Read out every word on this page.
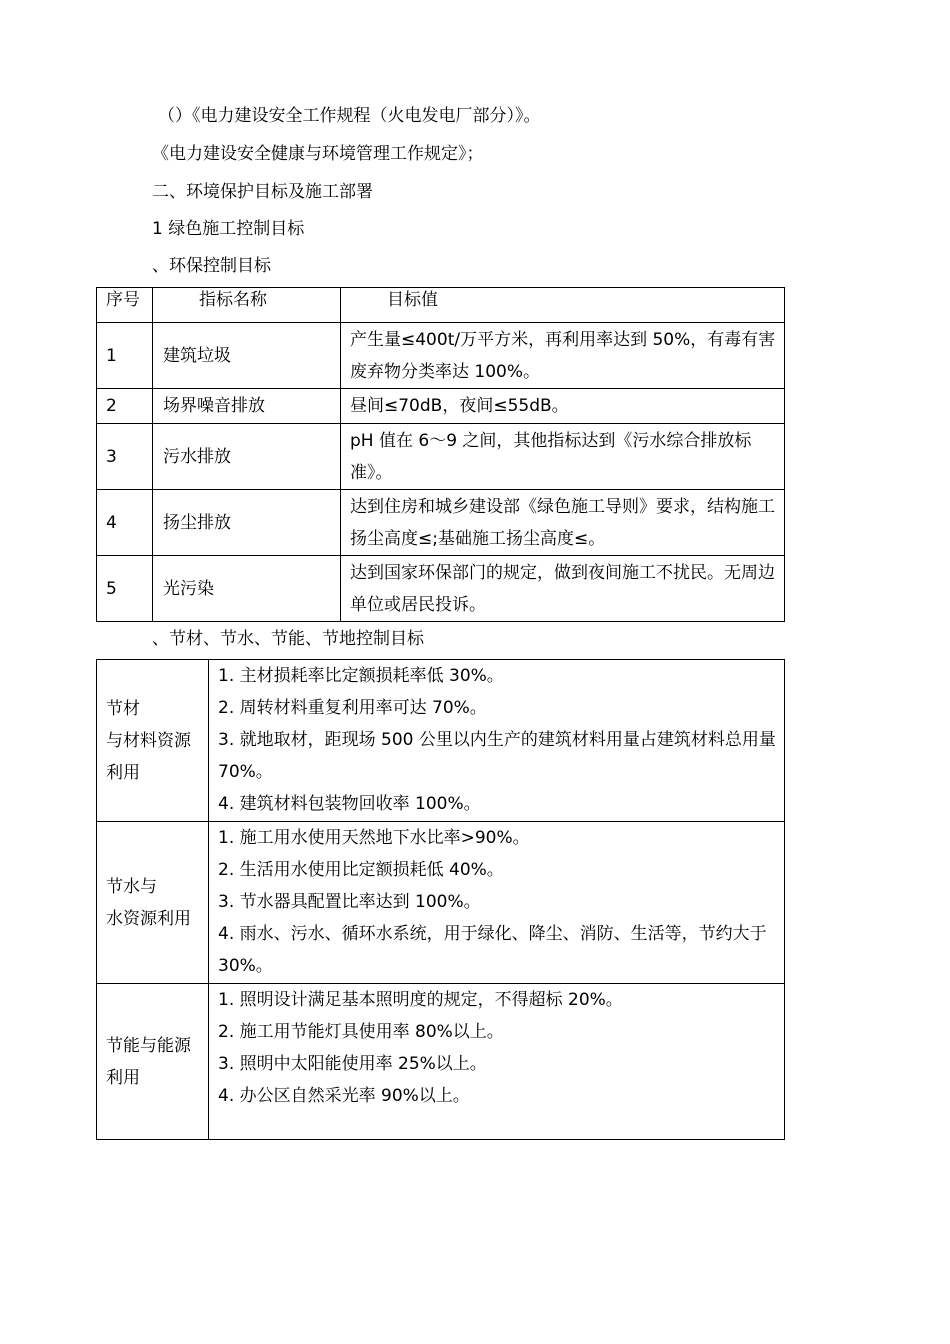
（）《电力建设安全工作规程（火电发电厂部分）》。
《电力建设安全健康与环境管理工作规定》；
二、环境保护目标及施工部署
1 绿色施工控制目标
、环保控制目标
序号	指标名称	目标值
1	建筑垃圾	产生量≤400t/万平方米，再利用率达到 50%，有毒有害废弃物分类率达 100%。
2	场界噪音排放	昼间≤70dB，夜间≤55dB。
3	污水排放	pH 值在 6～9 之间，其他指标达到《污水综合排放标准》。
4	扬尘排放	达到住房和城乡建设部《绿色施工导则》要求，结构施工扬尘高度≤;基础施工扬尘高度≤。
5	光污染	达到国家环保部门的规定，做到夜间施工不扰民。无周边单位或居民投诉。
、节材、节水、节能、节地控制目标
节材
与材料资源利用	1. 主材损耗率比定额损耗率低 30%。
2. 周转材料重复利用率可达 70%。
3. 就地取材，距现场 500 公里以内生产的建筑材料用量占建筑材料总用量 70%。
4. 建筑材料包装物回收率 100%。

节水与
水资源利用	1. 施工用水使用天然地下水比率>90%。
2. 生活用水使用比定额损耗低 40%。
3. 节水器具配置比率达到 100%。
4. 雨水、污水、循环水系统，用于绿化、降尘、消防、生活等，节约大于 30%。

节能与能源利用	1. 照明设计满足基本照明度的规定，不得超标 20%。
2. 施工用节能灯具使用率 80%以上。
3. 照明中太阳能使用率 25%以上。
4. 办公区自然采光率 90%以上。
